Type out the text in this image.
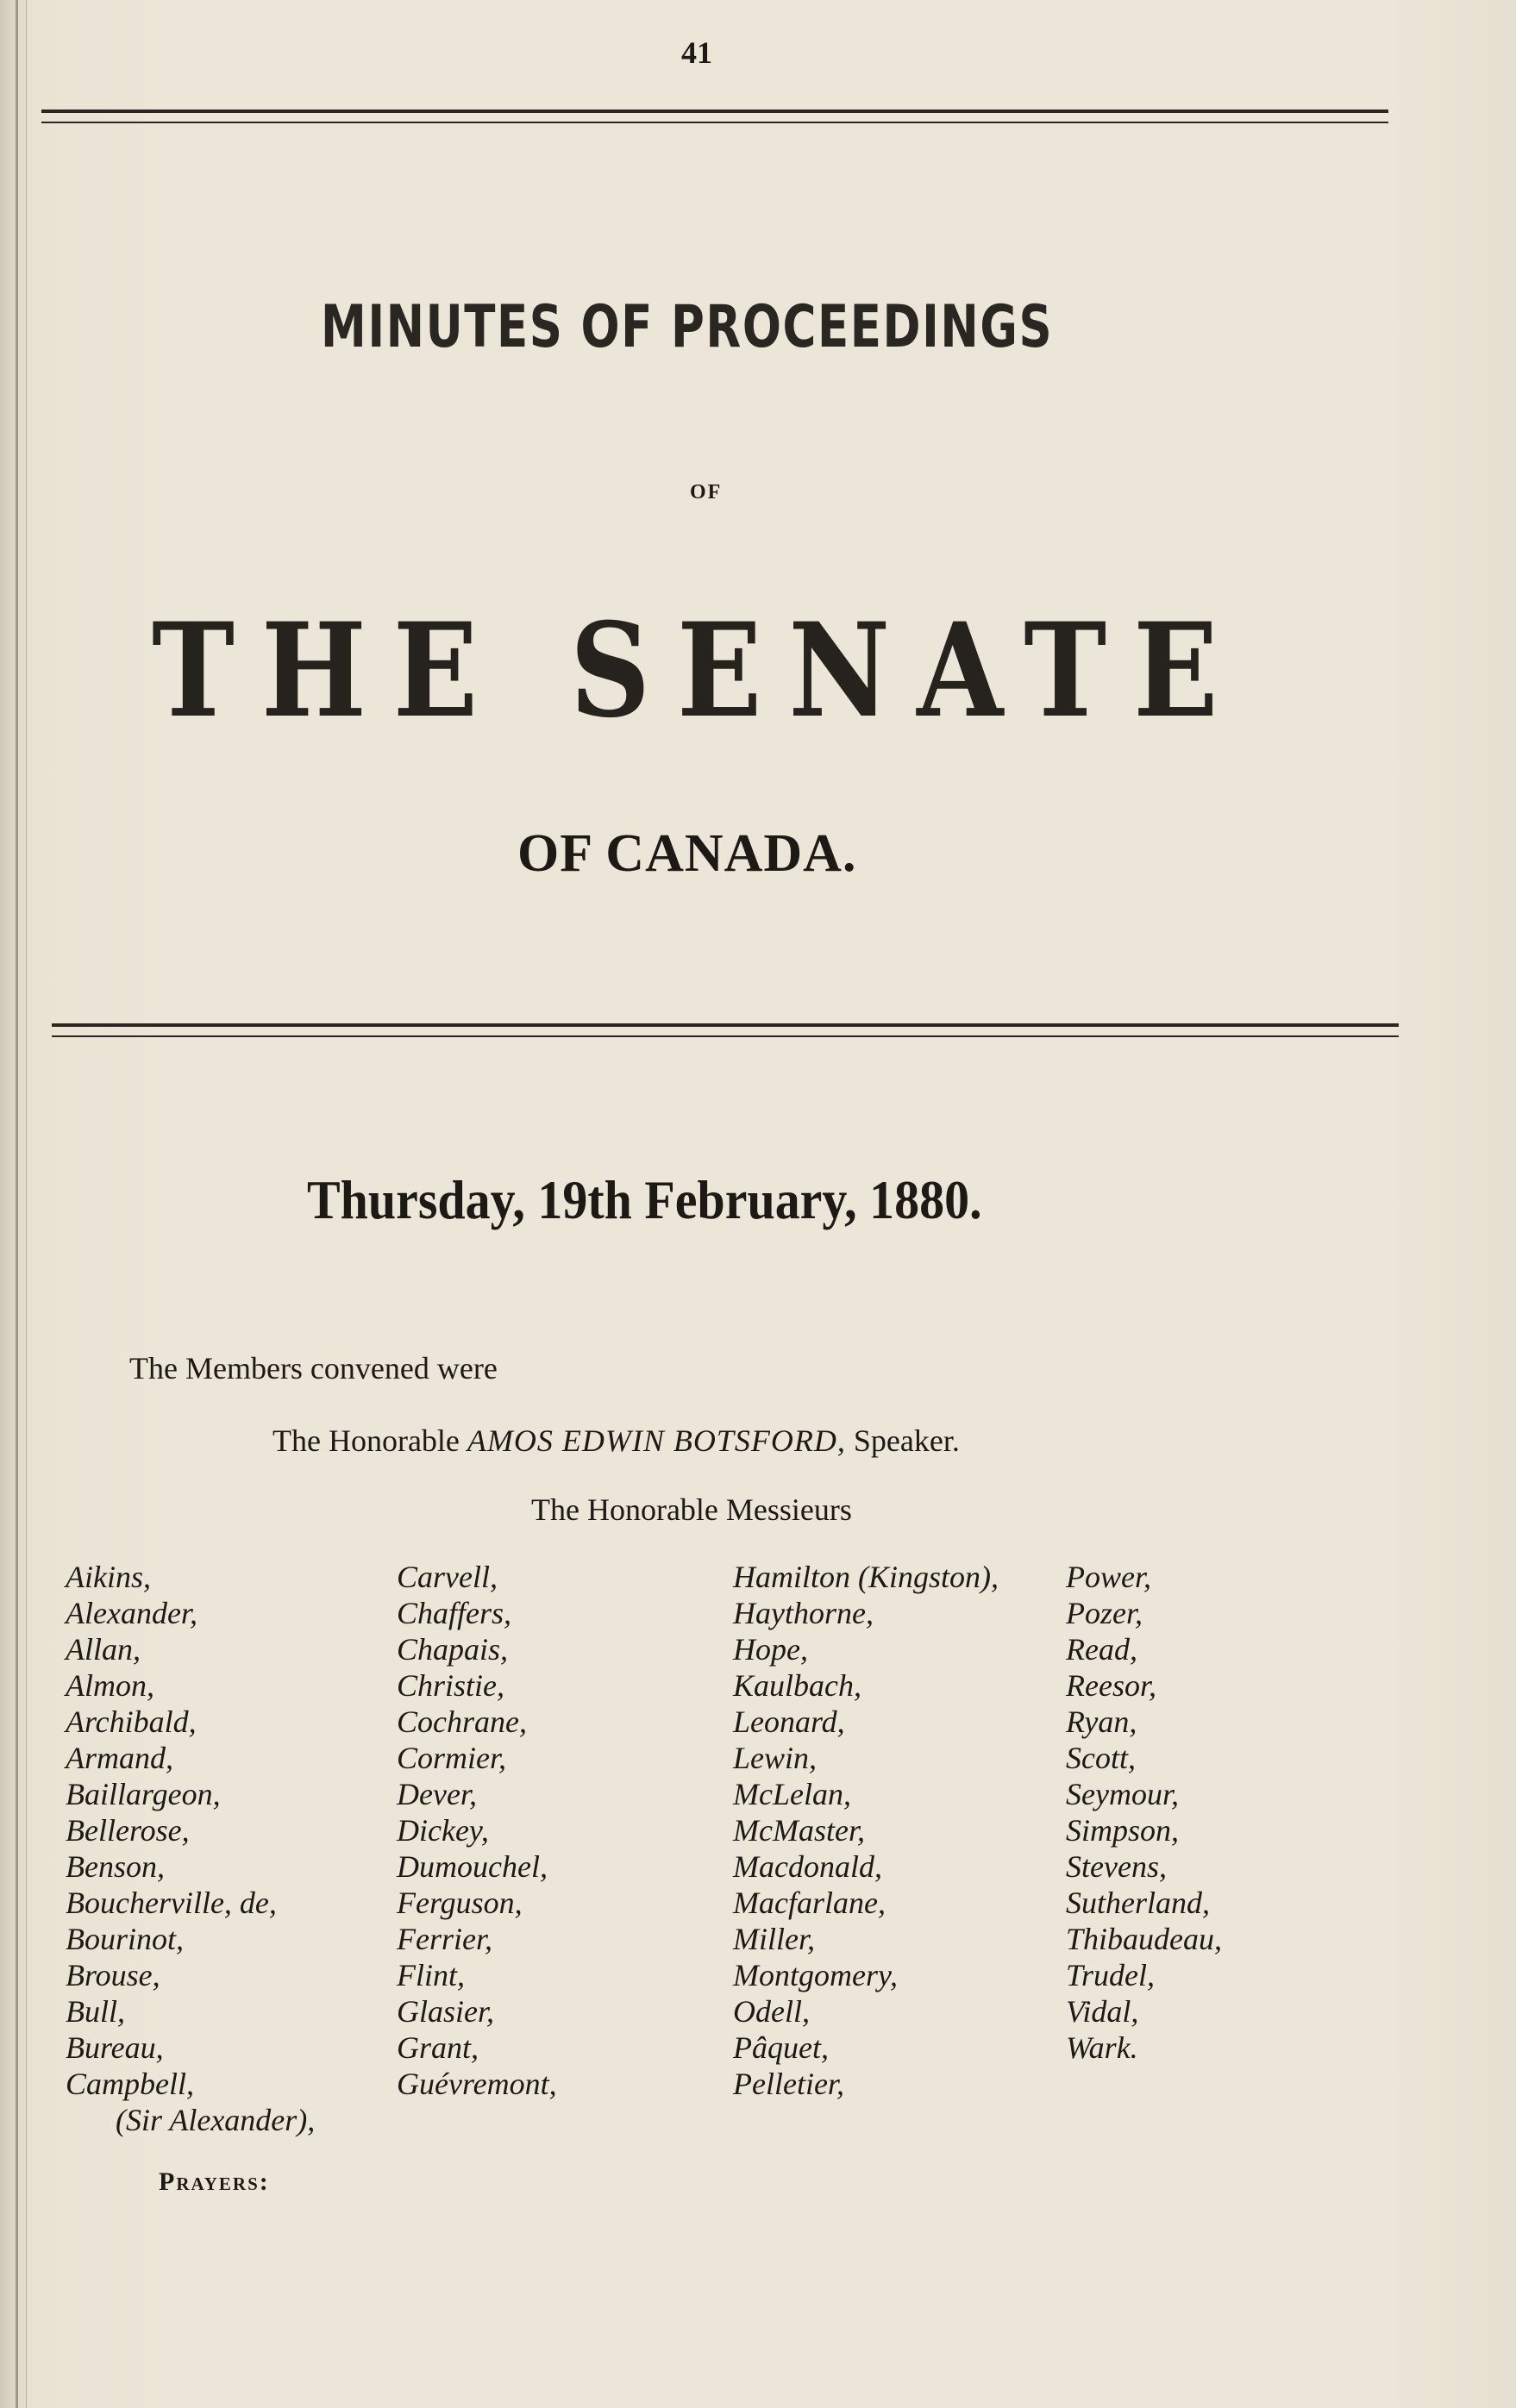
41
MINUTES OF PROCEEDINGS
OF
THE SENATE
OF CANADA.
Thursday, 19th February, 1880.
The Members convened were
The Honorable AMOS EDWIN BOTSFORD, Speaker.
The Honorable Messieurs
Aikins,
Alexander,
Allan,
Almon,
Archibald,
Armand,
Baillargeon,
Bellerose,
Benson,
Boucherville, de,
Bourinot,
Brouse,
Bull,
Bureau,
Campbell,
(Sir Alexander),
Carvell,
Chaffers,
Chapais,
Christie,
Cochrane,
Cormier,
Dever,
Dickey,
Dumouchel,
Ferguson,
Ferrier,
Flint,
Glasier,
Grant,
Guévremont,
Hamilton (Kingston),
Haythorne,
Hope,
Kaulbach,
Leonard,
Lewin,
McLelan,
McMaster,
Macdonald,
Macfarlane,
Miller,
Montgomery,
Odell,
Pâquet,
Pelletier,
Power,
Pozer,
Read,
Reesor,
Ryan,
Scott,
Seymour,
Simpson,
Stevens,
Sutherland,
Thibaudeau,
Trudel,
Vidal,
Wark.
Prayers:
